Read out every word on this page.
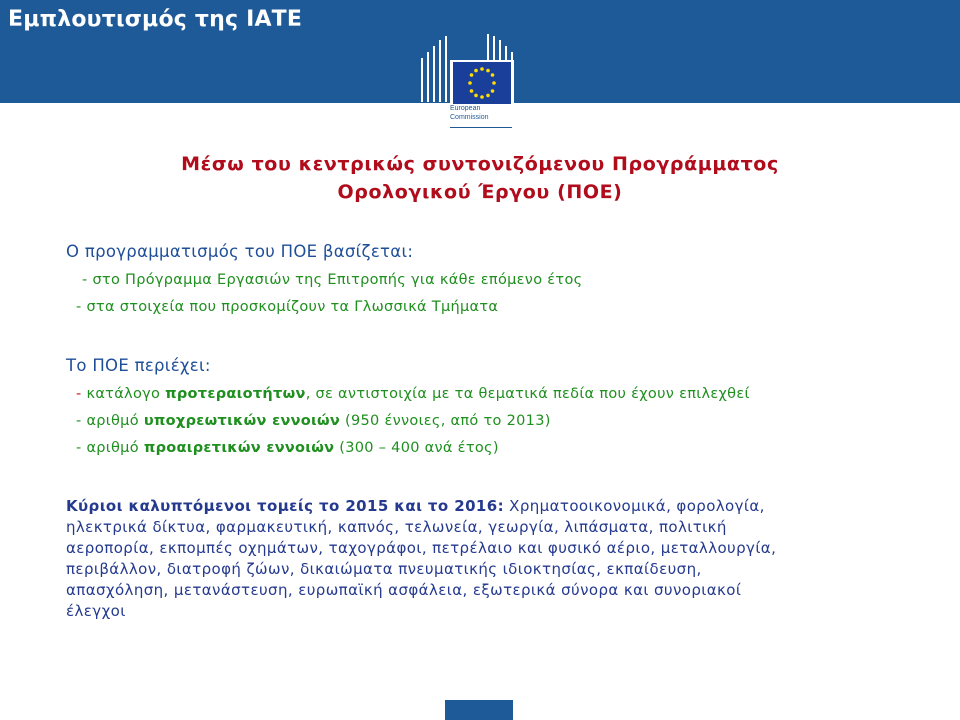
Εμπλουτισμός της ΙΑΤΕ
European
Commission
Μέσω του κεντρικώς συντονιζόμενου Προγράμματος
Ορολογικού Έργου (ΠΟΕ)
Ο προγραμματισμός του ΠΟΕ βασίζεται:
- στο Πρόγραμμα Εργασιών της Επιτροπής για κάθε επόμενο έτος
- στα στοιχεία που προσκομίζουν τα Γλωσσικά Τμήματα
Το ΠΟΕ περιέχει:
- κατάλογο προτεραιοτήτων, σε αντιστοιχία με τα θεματικά πεδία που έχουν επιλεχθεί
- αριθμό υποχρεωτικών εννοιών (950 έννοιες, από το 2013)
- αριθμό προαιρετικών εννοιών (300 – 400 ανά έτος)
Κύριοι καλυπτόμενοι τομείς το 2015 και το 2016: Χρηματοοικονομικά, φορολογία,
ηλεκτρικά δίκτυα, φαρμακευτική, καπνός, τελωνεία, γεωργία, λιπάσματα, πολιτική
αεροπορία, εκπομπές οχημάτων, ταχογράφοι, πετρέλαιο και φυσικό αέριο, μεταλλουργία,
περιβάλλον, διατροφή ζώων, δικαιώματα πνευματικής ιδιοκτησίας, εκπαίδευση,
απασχόληση, μετανάστευση, ευρωπαϊκή ασφάλεια, εξωτερικά σύνορα και συνοριακοί
έλεγχοι
